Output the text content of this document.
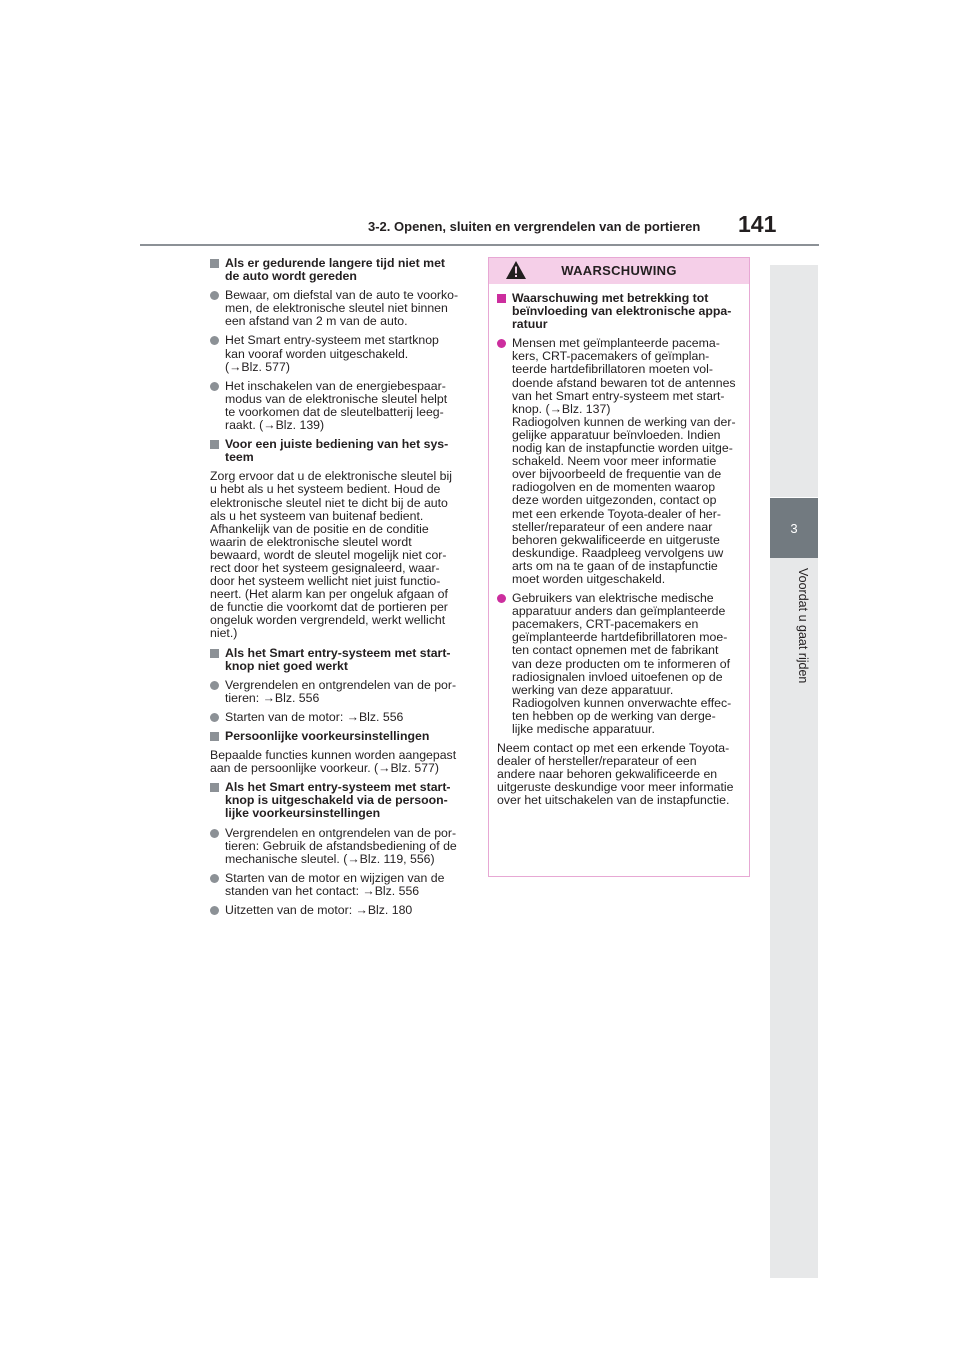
3-2. Openen, sluiten en vergrendelen van de portieren 141
3
Voordat u gaat rijden
Als er gedurende langere tijd niet met
de auto wordt gereden
Bewaar, om diefstal van de auto te voorko-
men, de elektronische sleutel niet binnen
een afstand van 2 m van de auto.
Het Smart entry-systeem met startknop
kan vooraf worden uitgeschakeld.
(→Blz. 577)
Het inschakelen van de energiebespaar-
modus van de elektronische sleutel helpt
te voorkomen dat de sleutelbatterij leeg-
raakt. (→Blz. 139)
Voor een juiste bediening van het sys-
teem
Zorg ervoor dat u de elektronische sleutel bij
u hebt als u het systeem bedient. Houd de
elektronische sleutel niet te dicht bij de auto
als u het systeem van buitenaf bedient.
Afhankelijk van de positie en de conditie
waarin de elektronische sleutel wordt
bewaard, wordt de sleutel mogelijk niet cor-
rect door het systeem gesignaleerd, waar-
door het systeem wellicht niet juist functio-
neert. (Het alarm kan per ongeluk afgaan of
de functie die voorkomt dat de portieren per
ongeluk worden vergrendeld, werkt wellicht
niet.)
Als het Smart entry-systeem met start-
knop niet goed werkt
Vergrendelen en ontgrendelen van de por-
tieren: →Blz. 556
Starten van de motor: →Blz. 556
Persoonlijke voorkeursinstellingen
Bepaalde functies kunnen worden aangepast
aan de persoonlijke voorkeur. (→Blz. 577)
Als het Smart entry-systeem met start-
knop is uitgeschakeld via de persoon-
lijke voorkeursinstellingen
Vergrendelen en ontgrendelen van de por-
tieren: Gebruik de afstandsbediening of de
mechanische sleutel. (→Blz. 119, 556)
Starten van de motor en wijzigen van de
standen van het contact: →Blz. 556
Uitzetten van de motor: →Blz. 180
WAARSCHUWING
Waarschuwing met betrekking tot
beïnvloeding van elektronische appa-
ratuur
Mensen met geïmplanteerde pacema-
kers, CRT-pacemakers of geïmplan-
teerde hartdefibrillatoren moeten vol-
doende afstand bewaren tot de antennes
van het Smart entry-systeem met start-
knop. (→Blz. 137)
Radiogolven kunnen de werking van der-
gelijke apparatuur beïnvloeden. Indien
nodig kan de instapfunctie worden uitge-
schakeld. Neem voor meer informatie
over bijvoorbeeld de frequentie van de
radiogolven en de momenten waarop
deze worden uitgezonden, contact op
met een erkende Toyota-dealer of her-
steller/reparateur of een andere naar
behoren gekwalificeerde en uitgeruste
deskundige. Raadpleeg vervolgens uw
arts om na te gaan of de instapfunctie
moet worden uitgeschakeld.
Gebruikers van elektrische medische
apparatuur anders dan geïmplanteerde
pacemakers, CRT-pacemakers en
geïmplanteerde hartdefibrillatoren moe-
ten contact opnemen met de fabrikant
van deze producten om te informeren of
radiosignalen invloed uitoefenen op de
werking van deze apparatuur.
Radiogolven kunnen onverwachte effec-
ten hebben op de werking van derge-
lijke medische apparatuur.
Neem contact op met een erkende Toyota-
dealer of hersteller/reparateur of een
andere naar behoren gekwalificeerde en
uitgeruste deskundige voor meer informatie
over het uitschakelen van de instapfunctie.
